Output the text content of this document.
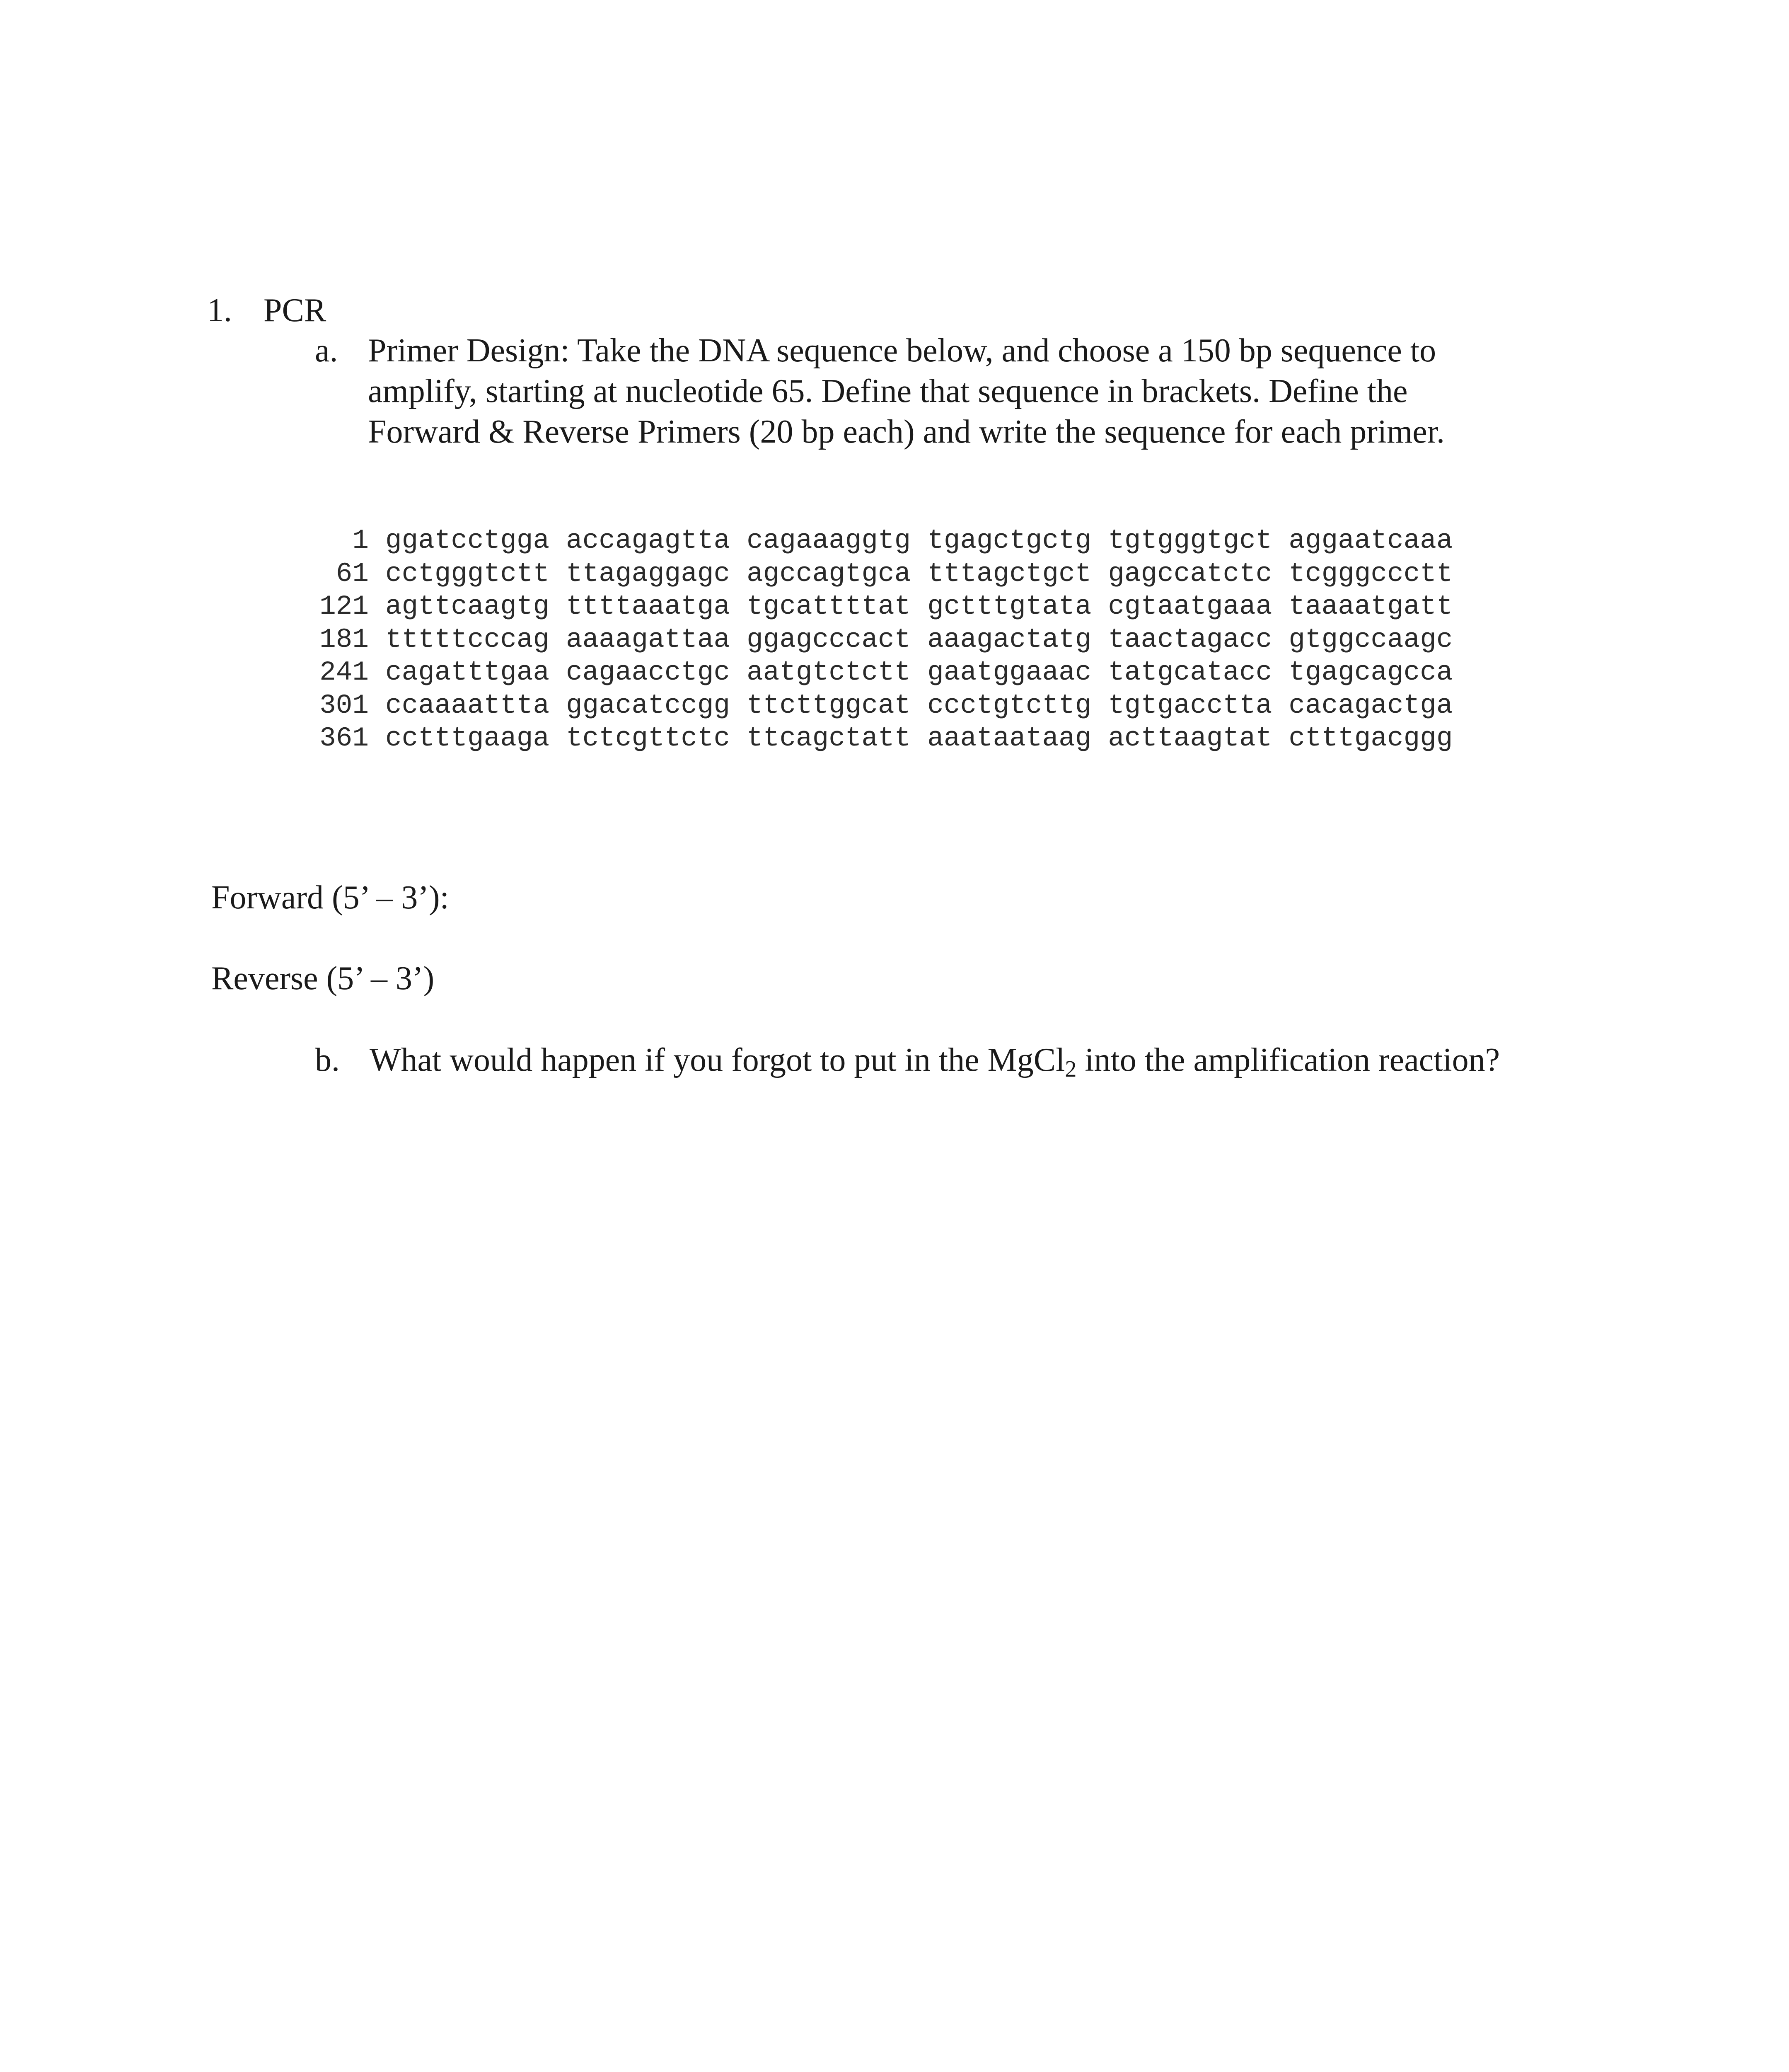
1. PCR
a. Primer Design: Take the DNA sequence below, and choose a 150 bp sequence to
amplify, starting at nucleotide 65. Define that sequence in brackets. Define the
Forward & Reverse Primers (20 bp each) and write the sequence for each primer.
1 ggatcctgga accagagtta cagaaaggtg tgagctgctg tgtgggtgct aggaatcaaa
61 cctgggtctt ttagaggagc agccagtgca tttagctgct gagccatctc tcgggccctt
121 agttcaagtg ttttaaatga tgcattttat gctttgtata cgtaatgaaa taaaatgatt
181 tttttcccag aaaagattaa ggagcccact aaagactatg taactagacc gtggccaagc
241 cagatttgaa cagaacctgc aatgtctctt gaatggaaac tatgcatacc tgagcagcca
301 ccaaaattta ggacatccgg ttcttggcat ccctgtcttg tgtgacctta cacagactga
361 cctttgaaga tctcgttctc ttcagctatt aaataataag acttaagtat ctttgacggg
Forward (5’ – 3’):
Reverse (5’ – 3’)
b. What would happen if you forgot to put in the MgCl$_2$ into the amplification reaction?
